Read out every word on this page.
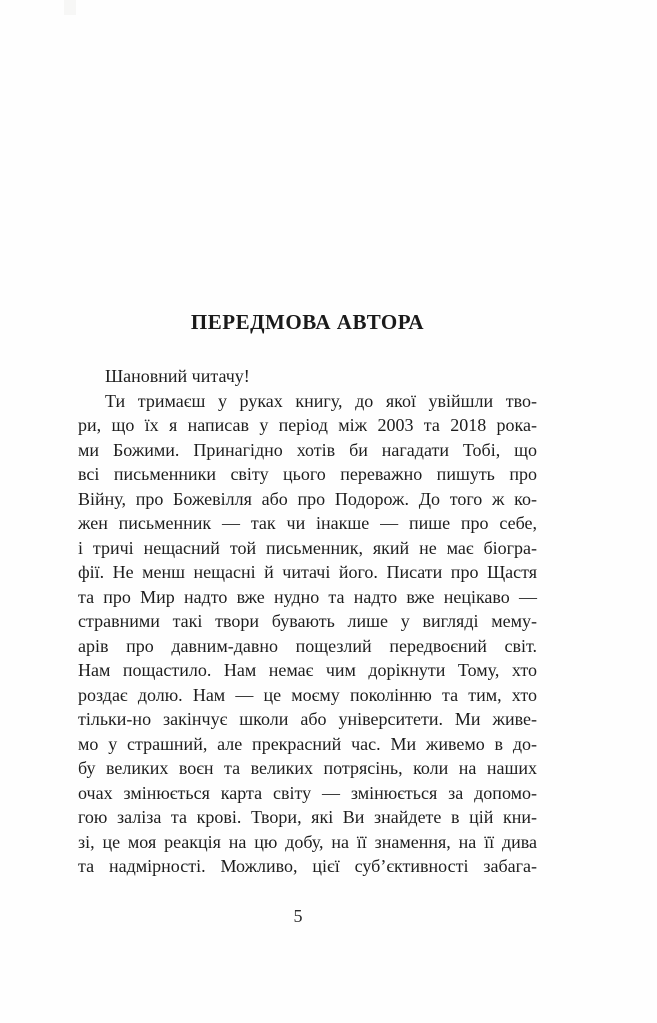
ПЕРЕДМОВА АВТОРА

Шановний читачу!

Ти тримаєш у руках книгу, до якої увійшли тво-
ри, що їх я написав у період між 2003 та 2018 рока-
ми Божими. Принагідно хотів би нагадати Тобі, що
всі письменники світу цього переважно пишуть про
Війну, про Божевілля або про Подорож. До того ж ко-
жен письменник — так чи інакше — пише про себе,
і тричі нещасний той письменник, який не має біогра-
фії. Не менш нещасні й читачі його. Писати про Щастя
та про Мир надто вже нудно та надто вже нецікаво —
стравними такі твори бувають лише у вигляді мему-
арів про давним-давно пощезлий передвоєний світ.
Нам пощастило. Нам немає чим дорікнути Тому, хто
роздає долю. Нам — це моєму поколінню та тим, хто
тільки-но закінчує школи або університети. Ми живе-
мо у страшний, але прекрасний час. Ми живемо в до-
бу великих воєн та великих потрясінь, коли на наших
очах змінюється карта світу — змінюється за допомо-
гою заліза та крові. Твори, які Ви знайдете в цій кни-
зі, це моя реакція на цю добу, на її знамення, на її дива
та надмірності. Можливо, цієї суб’єктивності забага-
5
